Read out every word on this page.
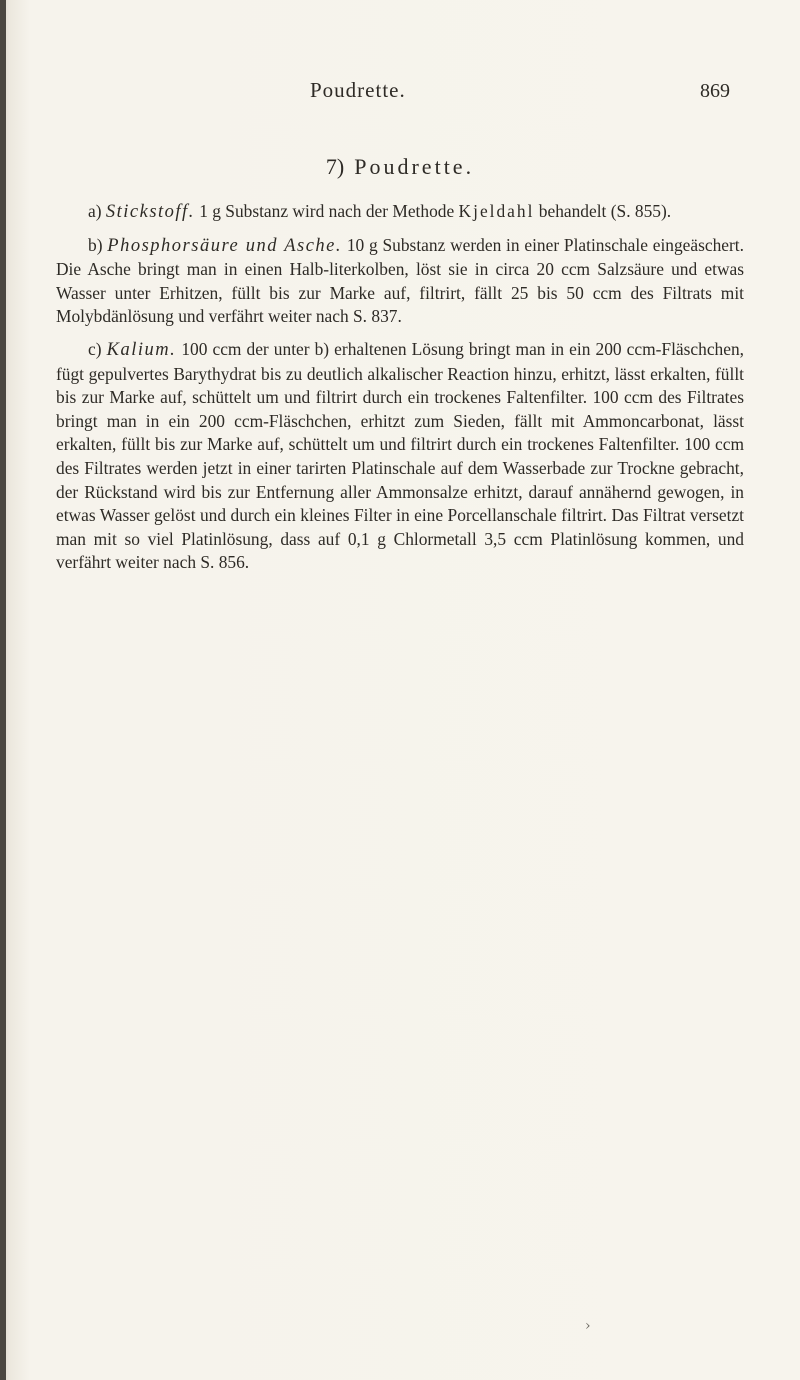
Poudrette.	869
7) Poudrette.

a) Stickstoff. 1 g Substanz wird nach der Methode Kjeldahl behandelt (S. 855).

b) Phosphorsäure und Asche. 10 g Substanz werden in einer Platinschale eingeäschert. Die Asche bringt man in einen Halb-literkolben, löst sie in circa 20 ccm Salzsäure und etwas Wasser unter Erhitzen, füllt bis zur Marke auf, filtrirt, fällt 25 bis 50 ccm des Filtrats mit Molybdänlösung und verfährt weiter nach S. 837.

c) Kalium. 100 ccm der unter b) erhaltenen Lösung bringt man in ein 200 ccm-Fläschchen, fügt gepulvertes Barythydrat bis zu deutlich alkalischer Reaction hinzu, erhitzt, lässt erkalten, füllt bis zur Marke auf, schüttelt um und filtrirt durch ein trockenes Faltenfilter. 100 ccm des Filtrates bringt man in ein 200 ccm-Fläschchen, erhitzt zum Sieden, fällt mit Ammoncarbonat, lässt erkalten, füllt bis zur Marke auf, schüttelt um und filtrirt durch ein trockenes Faltenfilter. 100 ccm des Filtrates werden jetzt in einer tarirten Platinschale auf dem Wasserbade zur Trockne gebracht, der Rückstand wird bis zur Entfernung aller Ammonsalze erhitzt, darauf annähernd gewogen, in etwas Wasser gelöst und durch ein kleines Filter in eine Porcellanschale filtrirt. Das Filtrat versetzt man mit so viel Platinlösung, dass auf 0,1 g Chlormetall 3,5 ccm Platinlösung kommen, und verfährt weiter nach S. 856.

›
